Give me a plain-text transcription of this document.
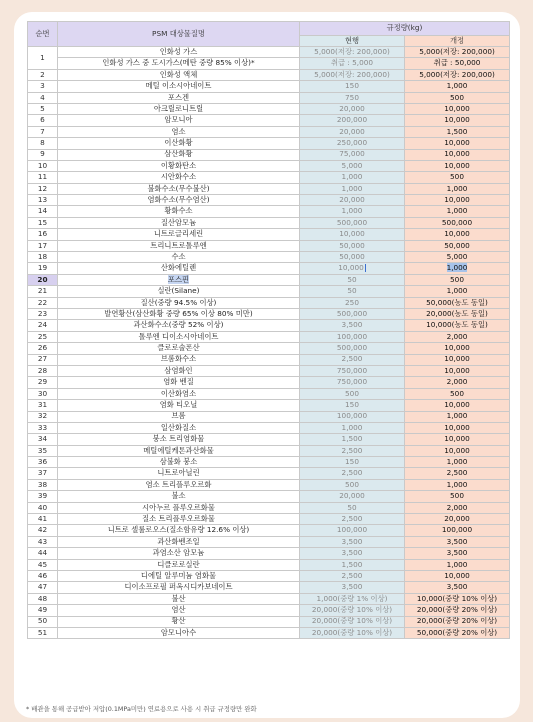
순번	PSM 대상물질명	규정량(kg)	
		현행	개정
1	인화성 가스	5,000(저장: 200,000)	5,000(저장: 200,000)
	인화성 가스 중 도시가스(메탄 중량 85% 이상)*	취급 : 5,000	취급 : 50,000
2	인화성 액체	5,000(저장: 200,000)	5,000(저장: 200,000)
3	메틸 이소시아네이트	150	1,000
4	포스겐	750	500
5	아크릴로니트릴	20,000	10,000
6	암모니아	200,000	10,000
7	염소	20,000	1,500
8	이산화황	250,000	10,000
9	삼산화황	75,000	10,000
10	이황화탄소	5,000	10,000
11	시안화수소	1,000	500
12	불화수소(무수불산)	1,000	1,000
13	염화수소(무수염산)	20,000	10,000
14	황화수소	1,000	1,000
15	질산암모늄	500,000	500,000
16	니트로글리세린	10,000	10,000
17	트리니트로톨루엔	50,000	50,000
18	수소	50,000	5,000
19	산화에틸렌	10,000	1,000
20	포스핀	50	500
21	실란(Silane)	50	1,000
22	질산(중량 94.5% 이상)	250	50,000(농도 동일)
23	발연황산(삼산화황 중량 65% 이상 80% 미만)	500,000	20,000(농도 동일)
24	과산화수소(중량 52% 이상)	3,500	10,000(농도 동일)
25	톨루엔 디이소시아네이트	100,000	2,000
26	클로로술폰산	500,000	10,000
27	브롬화수소	2,500	10,000
28	삼염화인	750,000	10,000
29	염화 벤질	750,000	2,000
30	이산화염소	500	500
31	염화 티오닐	150	10,000
32	브롬	100,000	1,000
33	일산화질소	1,000	10,000
34	붕소 트리염화물	1,500	10,000
35	메틸에틸케톤과산화물	2,500	10,000
36	삼불화 붕소	150	1,000
37	니트로아닐린	2,500	2,500
38	염소 트리플루오르화	500	1,000
39	불소	20,000	500
40	시아누르 플루오르화물	50	2,000
41	질소 트리플루오르화물	2,500	20,000
42	니트로 셀룰로오스(질소함유량 12.6% 이상)	100,000	100,000
43	과산화벤조일	3,500	3,500
44	과염소산 암모늄	3,500	3,500
45	디클로로실란	1,500	1,000
46	디에틸 알루미늄 염화물	2,500	10,000
47	디이소프로필 퍼옥시디카보네이트	3,500	3,500
48	불산	1,000(중량 1% 이상)	10,000(중량 10% 이상)
49	염산	20,000(중량 10% 이상)	20,000(중량 20% 이상)
50	황산	20,000(중량 10% 이상)	20,000(중량 20% 이상)
51	암모니아수	20,000(중량 10% 이상)	50,000(중량 20% 이상)
* 배관을 통해 공급받아 저압(0.1MPa미만) 연료용으로 사용 시 취급 규정량만 완화
